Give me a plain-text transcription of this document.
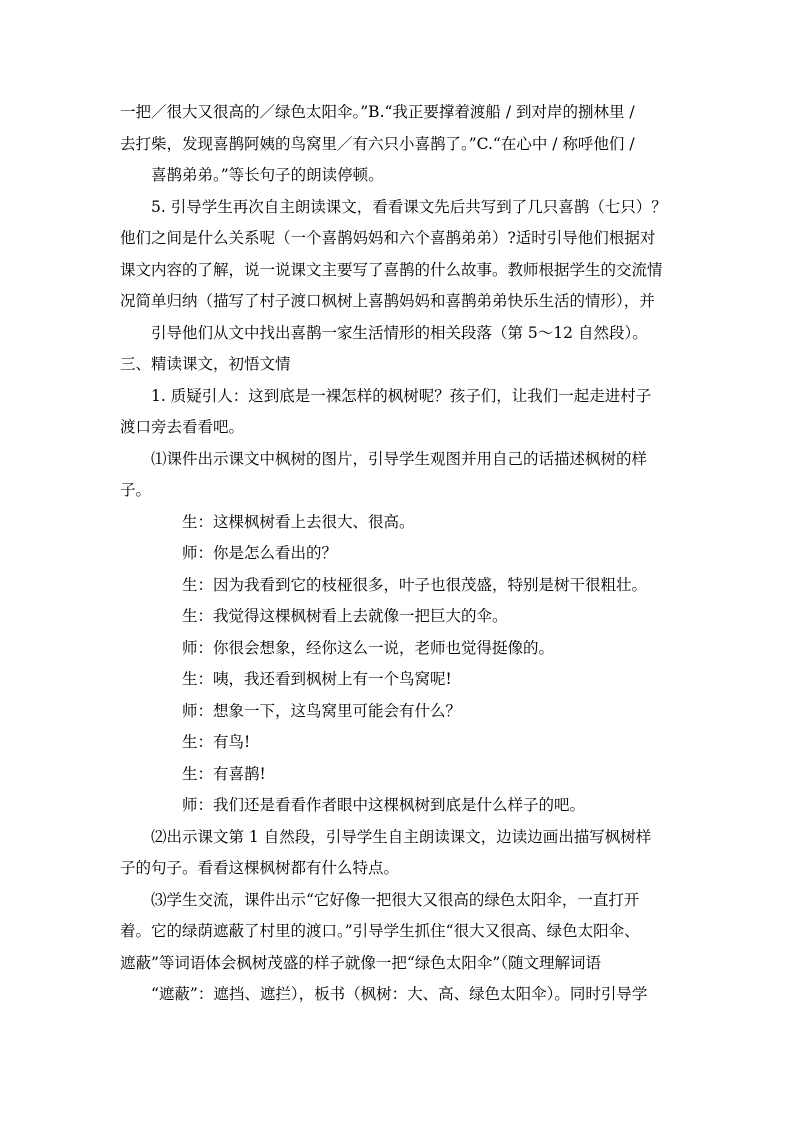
一把／很大又很高的／绿色太阳伞。”B.“我正要撑着渡船 / 到对岸的捌林里 /
去打柴，发现喜鹊阿姨的鸟窝里／有六只小喜鹊了。”C.“在心中 / 称呼他们 /
喜鹊弟弟。”等长句子的朗读停顿。
5. 引导学生再次自主朗读课文，看看课文先后共写到了几只喜鹊（七只）？
他们之间是什么关系呢（一个喜鹊妈妈和六个喜鹊弟弟）?适时引导他们根据对
课文内容的了解，说一说课文主要写了喜鹊的什么故事。教师根据学生的交流情
况简单归纳（描写了村子渡口枫树上喜鹊妈妈和喜鹊弟弟快乐生活的情形），并
引导他们从文中找出喜鹊一家生活情形的相关段落（第 5～12 自然段）。
三、精读课文，初悟文情
1. 质疑引人：这到底是一裸怎样的枫树呢？孩子们，让我们一起走进村子
渡口旁去看看吧。
⑴课件出示课文中枫树的图片，引导学生观图并用自己的话描述枫树的样
子。
生：这棵枫树看上去很大、很高。
师：你是怎么看出的？
生：因为我看到它的枝桠很多，叶子也很茂盛，特别是树干很粗壮。
生：我觉得这棵枫树看上去就像一把巨大的伞。
师：你很会想象，经你这么一说，老师也觉得挺像的。
生：咦，我还看到枫树上有一个鸟窝呢!
师：想象一下，这鸟窝里可能会有什么？
生：有鸟!
生：有喜鹊!
师：我们还是看看作者眼中这棵枫树到底是什么样子的吧。
⑵出示课文第 1 自然段，引导学生自主朗读课文，边读边画出描写枫树样
子的句子。看看这棵枫树都有什么特点。
⑶学生交流，课件出示“它好像一把很大又很高的绿色太阳伞，一直打开
着。它的绿荫遮蔽了村里的渡口。”引导学生抓住“很大又很高、绿色太阳伞、
遮蔽”等词语体会枫树茂盛的样子就像一把“绿色太阳伞”（随文理解词语
“遮蔽”：遮挡、遮拦），板书（枫树：大、高、绿色太阳伞）。同时引导学
